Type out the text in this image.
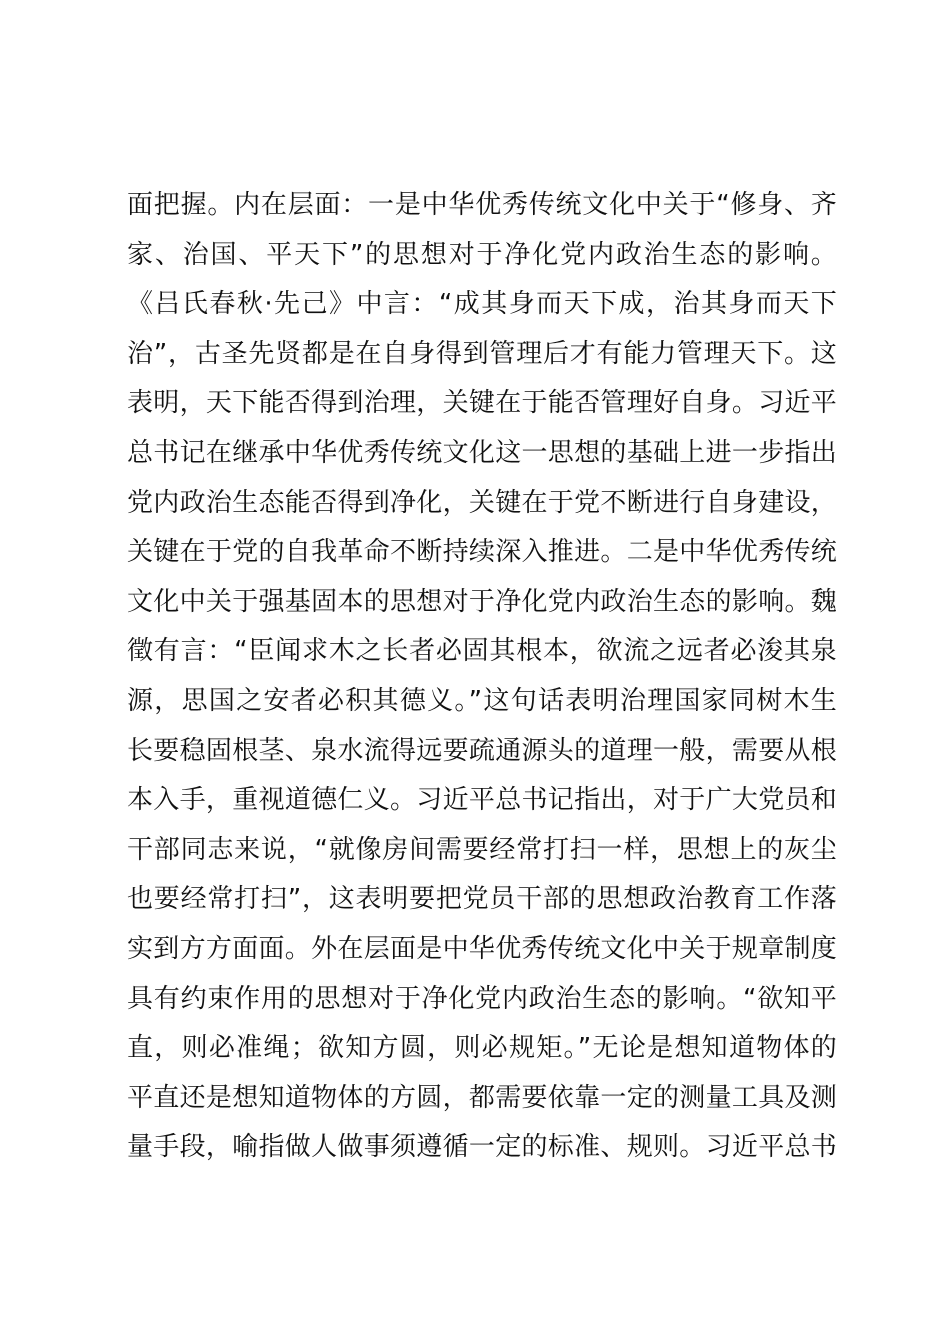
面把握。内在层面：一是中华优秀传统文化中关于“修身、齐
家、治国、平天下”的思想对于净化党内政治生态的影响。
《吕氏春秋·先己》中言：“成其身而天下成，治其身而天下
治”，古圣先贤都是在自身得到管理后才有能力管理天下。这
表明，天下能否得到治理，关键在于能否管理好自身。习近平
总书记在继承中华优秀传统文化这一思想的基础上进一步指出
党内政治生态能否得到净化，关键在于党不断进行自身建设，
关键在于党的自我革命不断持续深入推进。二是中华优秀传统
文化中关于强基固本的思想对于净化党内政治生态的影响。魏
徵有言：“臣闻求木之长者必固其根本，欲流之远者必浚其泉
源，思国之安者必积其德义。”这句话表明治理国家同树木生
长要稳固根茎、泉水流得远要疏通源头的道理一般，需要从根
本入手，重视道德仁义。习近平总书记指出，对于广大党员和
干部同志来说，“就像房间需要经常打扫一样，思想上的灰尘
也要经常打扫”，这表明要把党员干部的思想政治教育工作落
实到方方面面。外在层面是中华优秀传统文化中关于规章制度
具有约束作用的思想对于净化党内政治生态的影响。“欲知平
直，则必准绳；欲知方圆，则必规矩。”无论是想知道物体的
平直还是想知道物体的方圆，都需要依靠一定的测量工具及测
量手段，喻指做人做事须遵循一定的标准、规则。习近平总书
